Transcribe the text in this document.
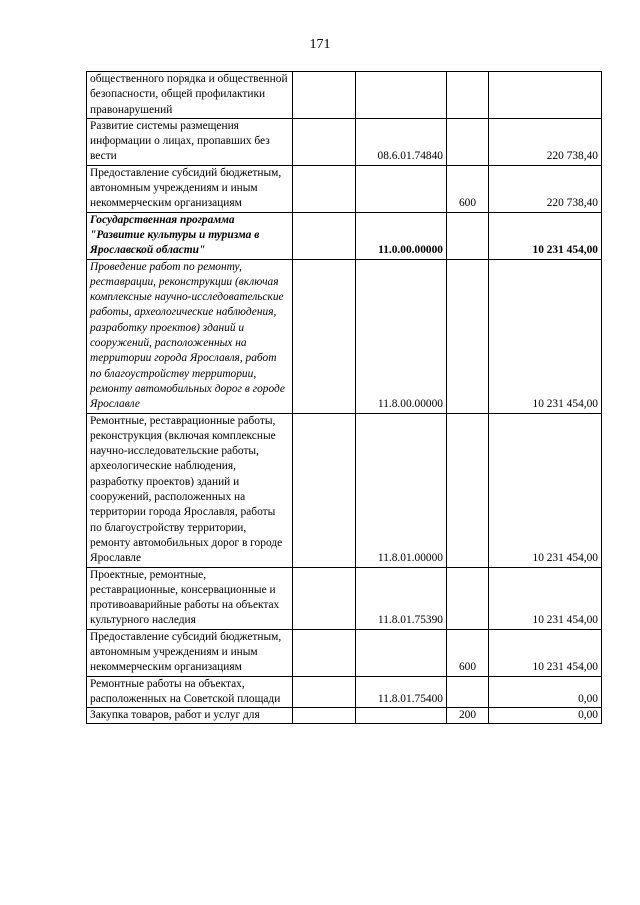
171
общественного порядка и общественной безопасности, общей профилактики правонарушений				
Развитие системы размещения информации о лицах, пропавших без вести		08.6.01.74840		220 738,40
Предоставление субсидий бюджетным, автономным учреждениям и иным некоммерческим организациям			600	220 738,40
Государственная программа "Развитие культуры и туризма в Ярославской области"		11.0.00.00000		10 231 454,00
Проведение работ по ремонту, реставрации, реконструкции (включая комплексные научно-исследовательские работы, археологические наблюдения, разработку проектов) зданий и сооружений, расположенных на территории города Ярославля, работ по благоустройству территории, ремонту автомобильных дорог в городе Ярославле		11.8.00.00000		10 231 454,00
Ремонтные, реставрационные работы, реконструкция (включая комплексные научно-исследовательские работы, археологические наблюдения, разработку проектов) зданий и сооружений, расположенных на территории города Ярославля, работы по благоустройству территории, ремонту автомобильных дорог в городе Ярославле		11.8.01.00000		10 231 454,00
Проектные, ремонтные, реставрационные, консервационные и противоаварийные работы на объектах культурного наследия		11.8.01.75390		10 231 454,00
Предоставление субсидий бюджетным, автономным учреждениям и иным некоммерческим организациям			600	10 231 454,00
Ремонтные работы на объектах, расположенных на Советской площади		11.8.01.75400		0,00
Закупка товаров, работ и услуг для			200	0,00
